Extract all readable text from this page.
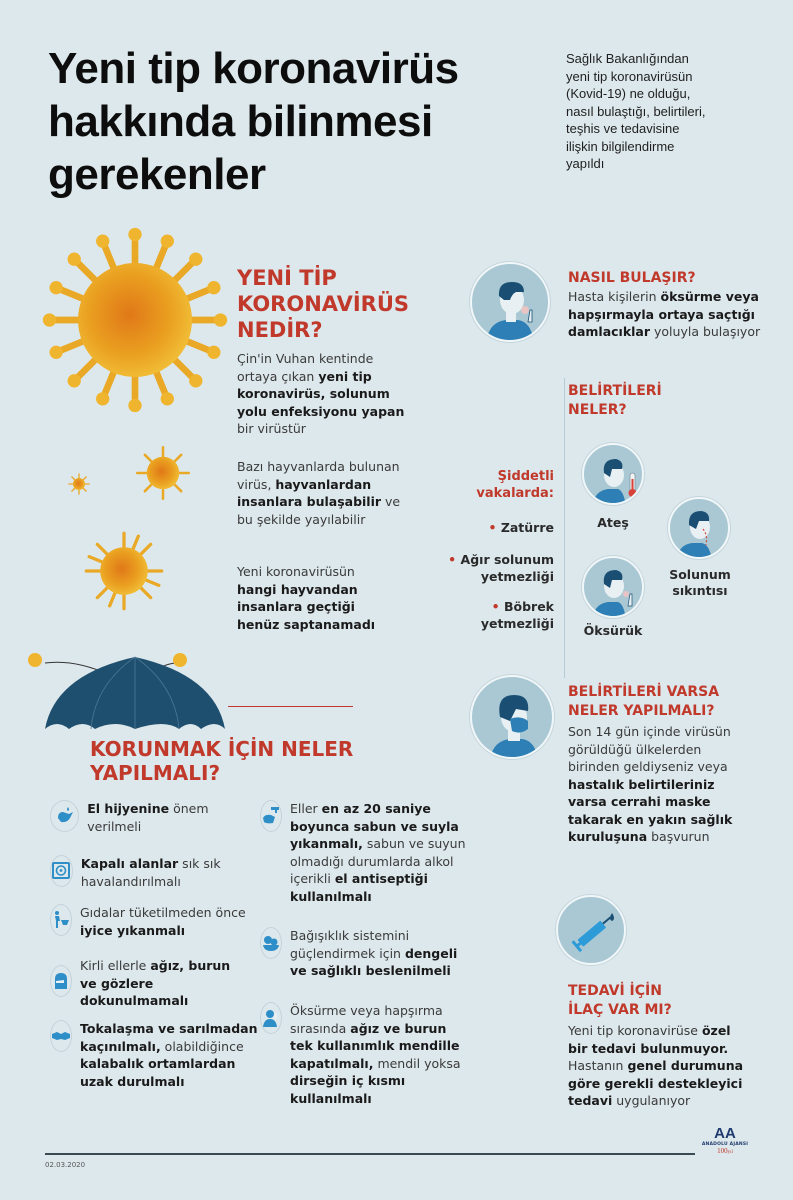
Yeni tip koronavirüs
hakkında bilinmesi
gerekenler
Sağlık Bakanlığından
yeni tip koronavirüsün
(Kovid-19) ne olduğu,
nasıl bulaştığı, belirtileri,
teşhis ve tedavisine
ilişkin bilgilendirme
yapıldı
YENİ TİP
KORONAVİRÜS
NEDİR?

Çin'in Vuhan kentinde ortaya çıkan yeni tip koronavirüs, solunum yolu enfeksiyonu yapan bir virüstür

Bazı hayvanlarda bulunan virüs, hayvanlardan insanlara bulaşabilir ve bu şekilde yayılabilir

Yeni koronavirüsün hangi hayvandan insanlara geçtiği henüz saptanamadı

NASIL BULAŞIR?

Hasta kişilerin öksürme veya hapşırmayla ortaya saçtığı damlacıklar yoluyla bulaşıyor

BELİRTİLERİ
NELER?
Şiddetli
vakalarda:
• Zatürre
• Ağır solunum
yetmezliği
• Böbrek
yetmezliği
Ateş
Solunum
sıkıntısı
Öksürük
BELİRTİLERİ VARSA
NELER YAPILMALI?

Son 14 gün içinde virüsün görüldüğü ülkelerden birinden geldiyseniz veya hastalık belirtileriniz varsa cerrahi maske takarak en yakın sağlık kuruluşuna başvurun

TEDAVİ İÇİN
İLAÇ VAR MI?

Yeni tip koronavirüse özel bir tedavi bulunmuyor. Hastanın genel durumuna göre gerekli destekleyici tedavi uygulanıyor

KORUNMAK İÇİN NELER
YAPILMALI?
El hijyenine önem verilmeli
Kapalı alanlar sık sık havalandırılmalı
Gıdalar tüketilmeden önce iyice yıkanmalı
Kirli ellerle ağız, burun ve gözlere dokunulmamalı
Tokalaşma ve sarılmadan kaçınılmalı, olabildiğince kalabalık ortamlardan uzak durulmalı
Eller en az 20 saniye boyunca sabun ve suyla yıkanmalı, sabun ve suyun olmadığı durumlarda alkol içerikli el antiseptiği kullanılmalı
Bağışıklık sistemini güçlendirmek için dengeli ve sağlıklı beslenilmeli
Öksürme veya hapşırma sırasında ağız ve burun tek kullanımlık mendille kapatılmalı, mendil yoksa dirseğin iç kısmı kullanılmalı
02.03.2020
AA
ANADOLU AJANSI
100yıl
